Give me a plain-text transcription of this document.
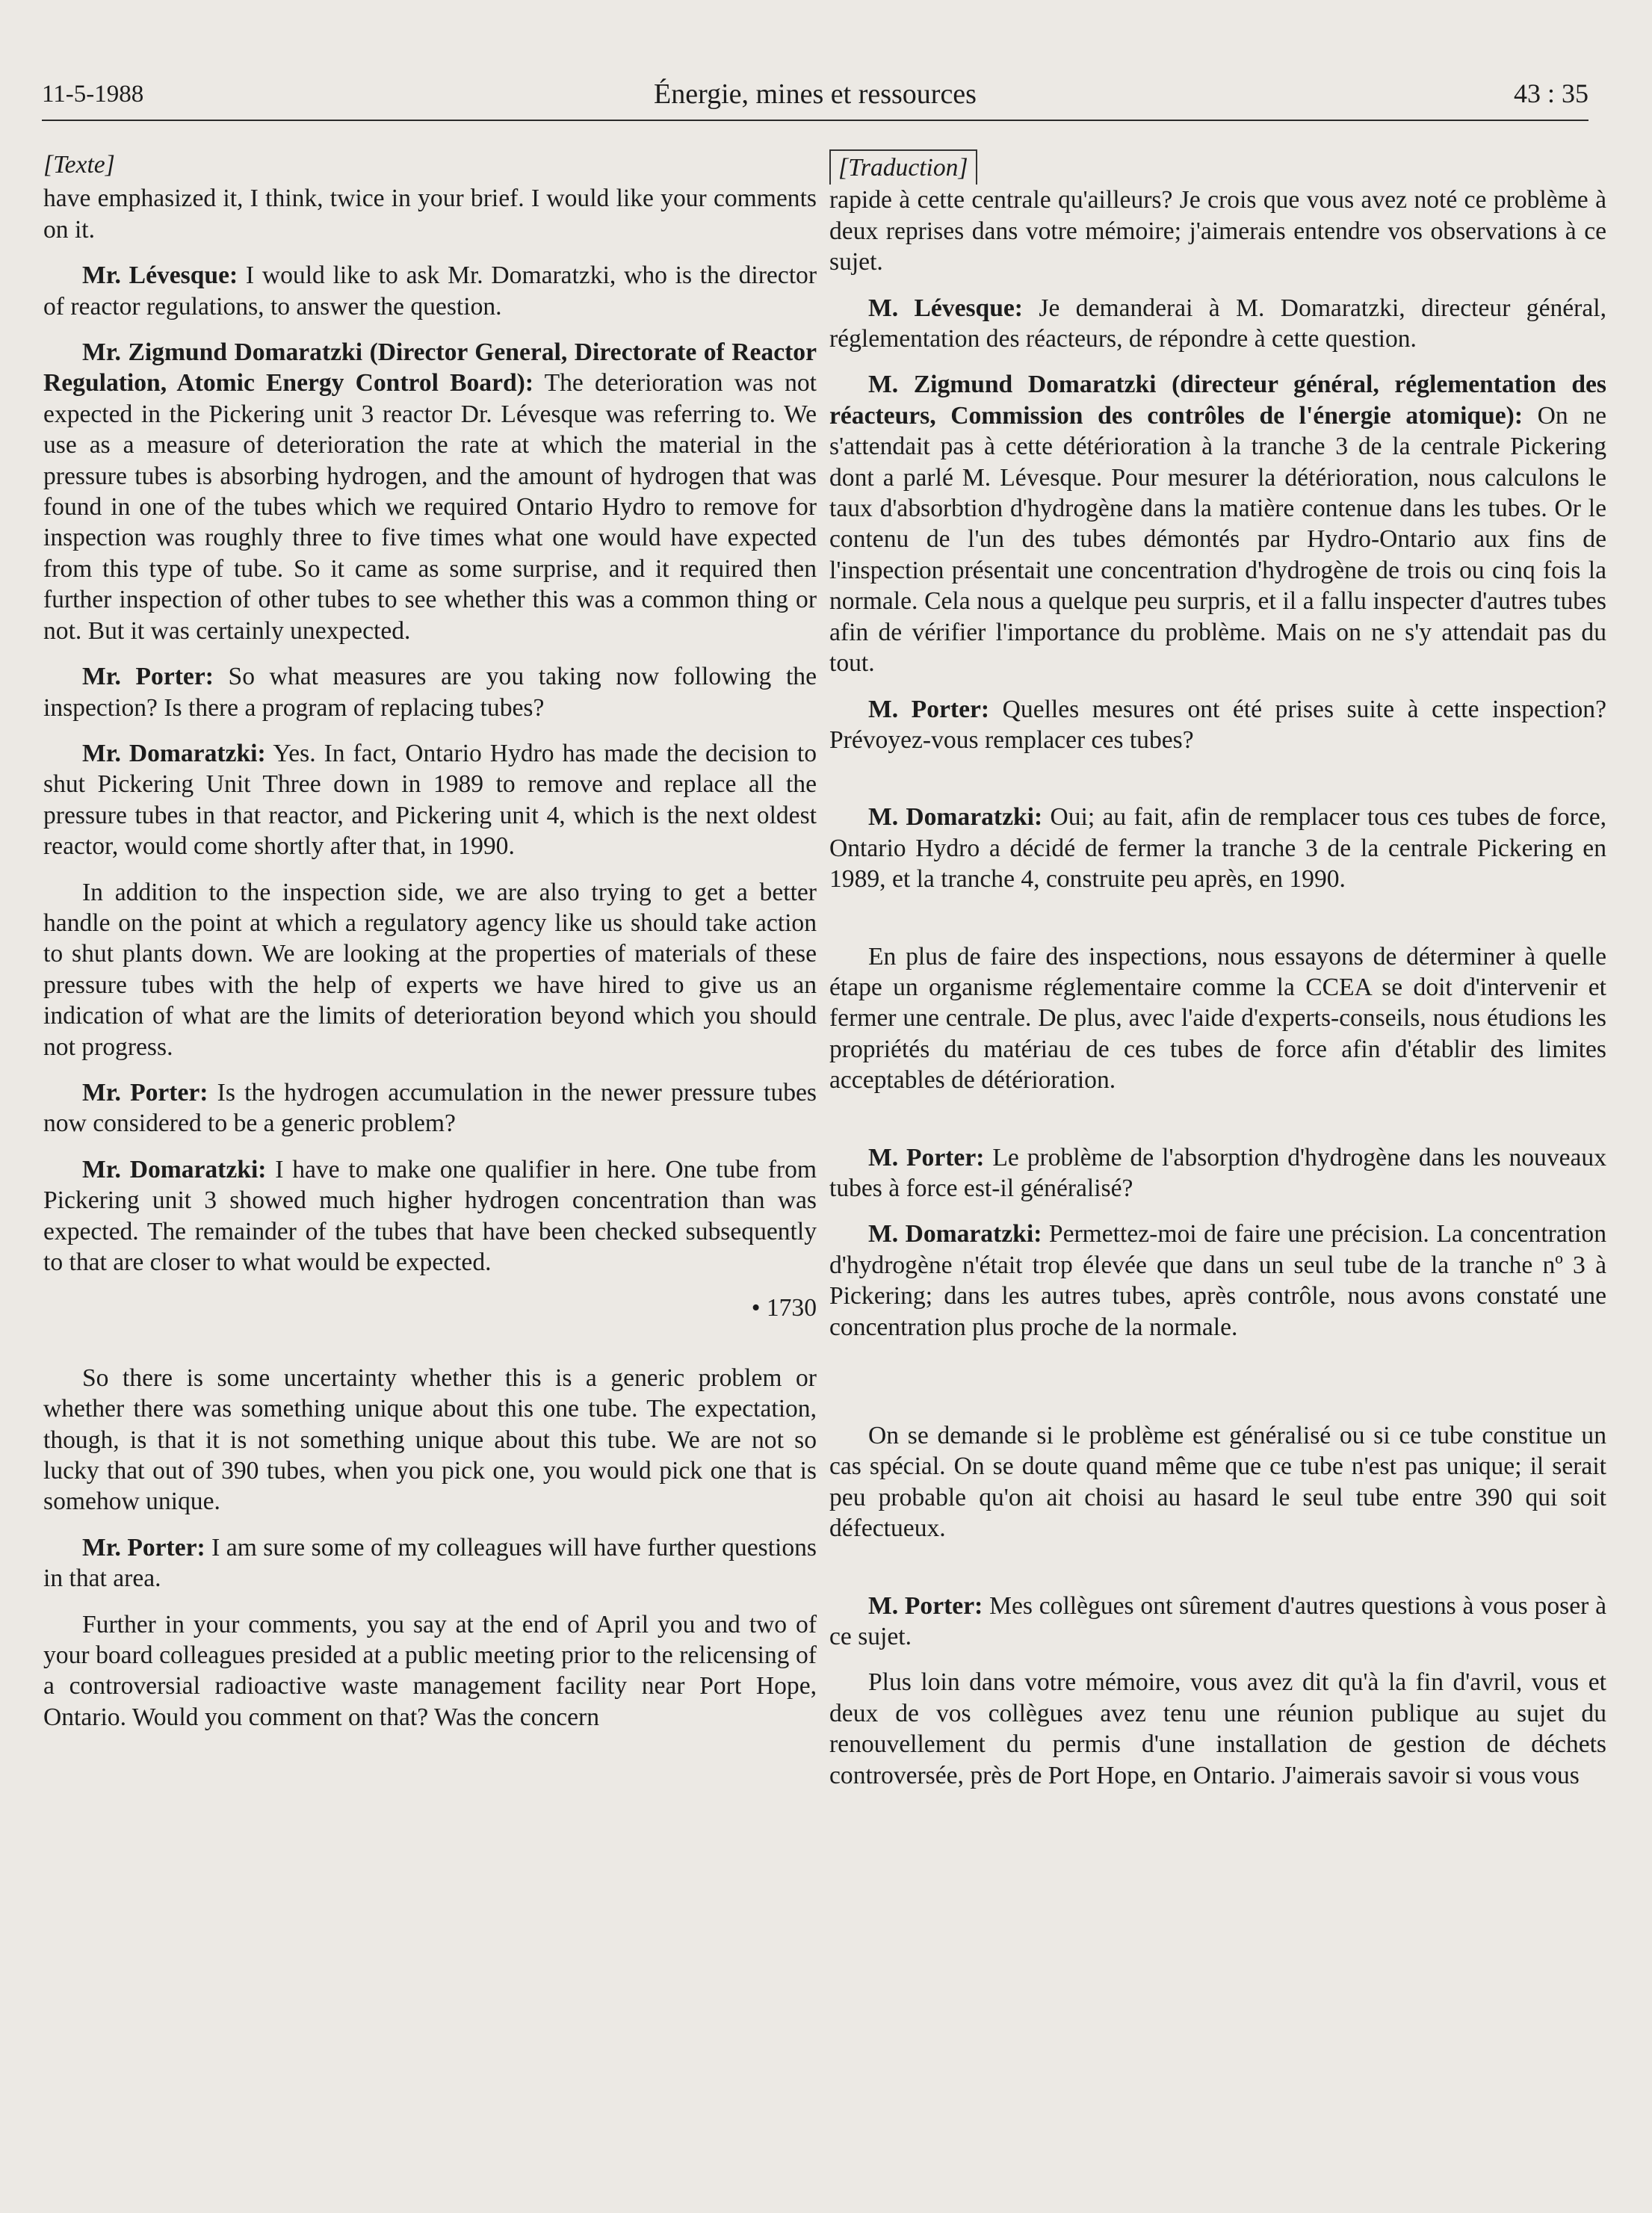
11-5-1988	Énergie, mines et ressources	43 : 35
[Texte]

have emphasized it, I think, twice in your brief. I would like your comments on it.

Mr. Lévesque: I would like to ask Mr. Domaratzki, who is the director of reactor regulations, to answer the question.

Mr. Zigmund Domaratzki (Director General, Directorate of Reactor Regulation, Atomic Energy Control Board): The deterioration was not expected in the Pickering unit 3 reactor Dr. Lévesque was referring to. We use as a measure of deterioration the rate at which the material in the pressure tubes is absorbing hydrogen, and the amount of hydrogen that was found in one of the tubes which we required Ontario Hydro to remove for inspection was roughly three to five times what one would have expected from this type of tube. So it came as some surprise, and it required then further inspection of other tubes to see whether this was a common thing or not. But it was certainly unexpected.

Mr. Porter: So what measures are you taking now following the inspection? Is there a program of replacing tubes?

Mr. Domaratzki: Yes. In fact, Ontario Hydro has made the decision to shut Pickering Unit Three down in 1989 to remove and replace all the pressure tubes in that reactor, and Pickering unit 4, which is the next oldest reactor, would come shortly after that, in 1990.

In addition to the inspection side, we are also trying to get a better handle on the point at which a regulatory agency like us should take action to shut plants down. We are looking at the properties of materials of these pressure tubes with the help of experts we have hired to give us an indication of what are the limits of deterioration beyond which you should not progress.

Mr. Porter: Is the hydrogen accumulation in the newer pressure tubes now considered to be a generic problem?

Mr. Domaratzki: I have to make one qualifier in here. One tube from Pickering unit 3 showed much higher hydrogen concentration than was expected. The remainder of the tubes that have been checked subsequently to that are closer to what would be expected.

• 1730

So there is some uncertainty whether this is a generic problem or whether there was something unique about this one tube. The expectation, though, is that it is not something unique about this tube. We are not so lucky that out of 390 tubes, when you pick one, you would pick one that is somehow unique.

Mr. Porter: I am sure some of my colleagues will have further questions in that area.

Further in your comments, you say at the end of April you and two of your board colleagues presided at a public meeting prior to the relicensing of a controversial radioactive waste management facility near Port Hope, Ontario. Would you comment on that? Was the concern

[Traduction]

rapide à cette centrale qu'ailleurs? Je crois que vous avez noté ce problème à deux reprises dans votre mémoire; j'aimerais entendre vos observations à ce sujet.

M. Lévesque: Je demanderai à M. Domaratzki, directeur général, réglementation des réacteurs, de répondre à cette question.

M. Zigmund Domaratzki (directeur général, réglementation des réacteurs, Commission des contrôles de l'énergie atomique): On ne s'attendait pas à cette détérioration à la tranche 3 de la centrale Pickering dont a parlé M. Lévesque. Pour mesurer la détérioration, nous calculons le taux d'absorbtion d'hydrogène dans la matière contenue dans les tubes. Or le contenu de l'un des tubes démontés par Hydro-Ontario aux fins de l'inspection présentait une concentration d'hydrogène de trois ou cinq fois la normale. Cela nous a quelque peu surpris, et il a fallu inspecter d'autres tubes afin de vérifier l'importance du problème. Mais on ne s'y attendait pas du tout.

M. Porter: Quelles mesures ont été prises suite à cette inspection? Prévoyez-vous remplacer ces tubes?

M. Domaratzki: Oui; au fait, afin de remplacer tous ces tubes de force, Ontario Hydro a décidé de fermer la tranche 3 de la centrale Pickering en 1989, et la tranche 4, construite peu après, en 1990.

En plus de faire des inspections, nous essayons de déterminer à quelle étape un organisme réglementaire comme la CCEA se doit d'intervenir et fermer une centrale. De plus, avec l'aide d'experts-conseils, nous étudions les propriétés du matériau de ces tubes de force afin d'établir des limites acceptables de détérioration.

M. Porter: Le problème de l'absorption d'hydrogène dans les nouveaux tubes à force est-il généralisé?

M. Domaratzki: Permettez-moi de faire une précision. La concentration d'hydrogène n'était trop élevée que dans un seul tube de la tranche nº 3 à Pickering; dans les autres tubes, après contrôle, nous avons constaté une concentration plus proche de la normale.

On se demande si le problème est généralisé ou si ce tube constitue un cas spécial. On se doute quand même que ce tube n'est pas unique; il serait peu probable qu'on ait choisi au hasard le seul tube entre 390 qui soit défectueux.

M. Porter: Mes collègues ont sûrement d'autres questions à vous poser à ce sujet.

Plus loin dans votre mémoire, vous avez dit qu'à la fin d'avril, vous et deux de vos collègues avez tenu une réunion publique au sujet du renouvellement du permis d'une installation de gestion de déchets controversée, près de Port Hope, en Ontario. J'aimerais savoir si vous vous
